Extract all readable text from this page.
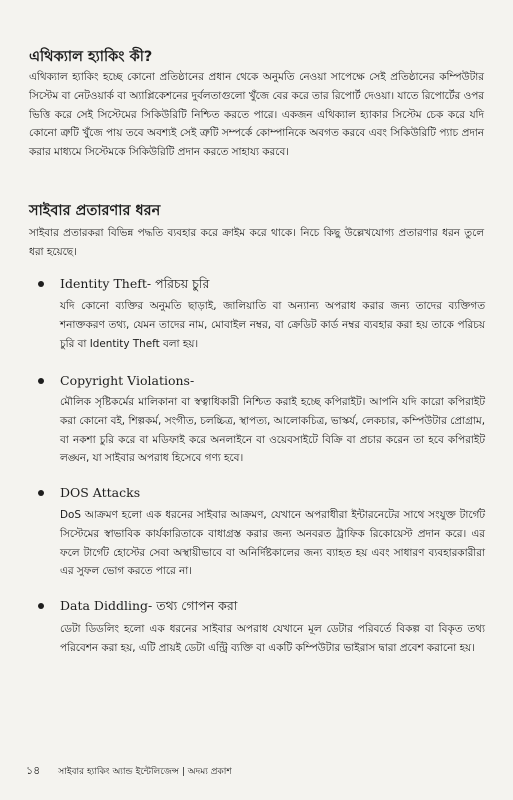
এথিক্যাল হ্যাকিং কী?

এথিক্যাল হ্যাকিং হচ্ছে কোনো প্রতিষ্ঠানের প্রধান থেকে অনুমতি নেওয়া সাপেক্ষে সেই প্রতিষ্ঠানের কম্পিউটার সিস্টেম বা নেটওয়ার্ক বা অ্যাপ্লিকেশনের দুর্বলতাগুলো খুঁজে বের করে তার রিপোর্ট দেওয়া। যাতে রিপোর্টের ওপর ভিত্তি করে সেই সিস্টেমের সিকিউরিটি নিশ্চিত করতে পারে। একজন এথিক্যাল হ্যাকার সিস্টেম চেক করে যদি কোনো ত্রুটি খুঁজে পায় তবে অবশ্যই সেই ত্রুটি সম্পর্কে কোম্পানিকে অবগত করবে এবং সিকিউরিটি প্যাচ প্রদান করার মাধ্যমে সিস্টেমকে সিকিউরিটি প্রদান করতে সাহায্য করবে।

সাইবার প্রতারণার ধরন

সাইবার প্রতারকরা বিভিন্ন পদ্ধতি ব্যবহার করে ক্রাইম করে থাকে। নিচে কিছু উল্লেখযোগ্য প্রতারণার ধরন তুলে ধরা হয়েছে।

Identity Theft- পরিচয় চুরি

যদি কোনো ব্যক্তির অনুমতি ছাড়াই, জালিয়াতি বা অন্যান্য অপরাধ করার জন্য তাদের ব্যক্তিগত শনাক্তকরণ তথ্য, যেমন তাদের নাম, মোবাইল নম্বর, বা ক্রেডিট কার্ড নম্বর ব্যবহার করা হয় তাকে পরিচয় চুরি বা Identity Theft বলা হয়।

Copyright Violations-

মৌলিক সৃষ্টিকর্মের মালিকানা বা স্বত্বাধিকারী নিশ্চিত করাই হচ্ছে কপিরাইট। আপনি যদি কারো কপিরাইট করা কোনো বই, শিল্পকর্ম, সংগীত, চলচ্চিত্র, স্থাপত্য, আলোকচিত্র, ভাস্কর্য, লেকচার, কম্পিউটার প্রোগ্রাম, বা নকশা চুরি করে বা মডিফাই করে অনলাইনে বা ওয়েবসাইটে বিক্রি বা প্রচার করেন তা হবে কপিরাইট লঙ্ঘন, যা সাইবার অপরাধ হিসেবে গণ্য হবে।

DOS Attacks

DoS আক্রমণ হলো এক ধরনের সাইবার আক্রমণ, যেখানে অপরাধীরা ইন্টারনেটের সাথে সংযুক্ত টার্গেট সিস্টেমের স্বাভাবিক কার্যকারিতাকে বাধাগ্রস্ত করার জন্য অনবরত ট্রাফিক রিকোয়েস্ট প্রদান করে। এর ফলে টার্গেট হোস্টের সেবা অস্থায়ীভাবে বা অনির্দিষ্টকালের জন্য ব্যাহত হয় এবং সাধারণ ব্যবহারকারীরা এর সুফল ভোগ করতে পারে না।

Data Diddling- তথ্য গোপন করা

ডেটা ডিডলিং হলো এক ধরনের সাইবার অপরাধ যেখানে মূল ডেটার পরিবর্তে বিকল্প বা বিকৃত তথ্য পরিবেশন করা হয়, এটি প্রায়ই ডেটা এন্ট্রি ব্যক্তি বা একটি কম্পিউটার ভাইরাস দ্বারা প্রবেশ করানো হয়।

১৪ সাইবার হ্যাকিং অ্যান্ড ইন্টেলিজেন্স | অদম্য প্রকাশ
